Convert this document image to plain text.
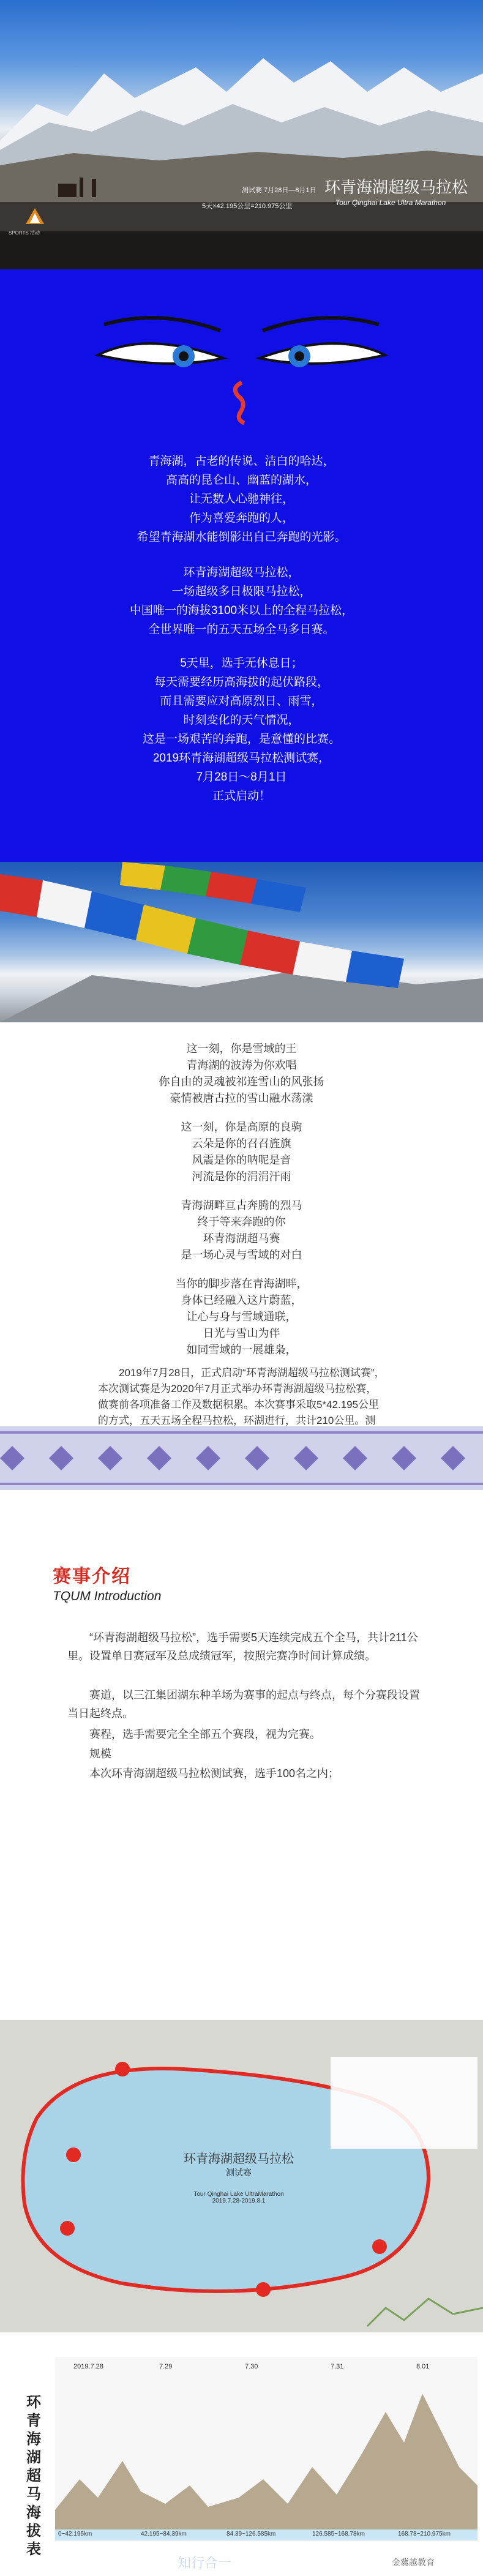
SPORTS 活动
测试赛 7月28日—8月1日
5天×42.195公里=210.975公里
环青海湖超级马拉松
Tour Qinghai Lake Ultra Marathon
青海湖，古老的传说、洁白的哈达，
高高的昆仑山、幽蓝的湖水，
让无数人心驰神往，
作为喜爱奔跑的人，
希望青海湖水能倒影出自己奔跑的光影。
环青海湖超级马拉松，
一场超级多日极限马拉松，
中国唯一的海拔3100米以上的全程马拉松，
全世界唯一的五天五场全马多日赛。
5天里，选手无休息日；
每天需要经历高海拔的起伏路段，
而且需要应对高原烈日、雨雪，
时刻变化的天气情况，
这是一场艰苦的奔跑，是意懂的比赛。
2019环青海湖超级马拉松测试赛，
7月28日～8月1日
正式启动！
这一刻，你是雪域的王
青海湖的波涛为你欢唱
你自由的灵魂被祁连雪山的风张扬
豪情被唐古拉的雪山融水荡漾
这一刻，你是高原的良驹
云朵是你的召召旌旗
风震是你的呐呢是音
河流是你的涓涓汗雨
青海湖畔亘古奔腾的烈马
终于等来奔跑的你
环青海湖超马赛
是一场心灵与雪域的对白
当你的脚步落在青海湖畔，
身体已经融入这片蔚蓝，
让心与身与雪域通联，
日光与雪山为伴
如同雪域的一展雄枭，
2019年7月28日，正式启动“环青海湖超级马拉松测试赛”，本次测试赛是为2020年7月正式举办环青海湖超级马拉松赛，做赛前各项准备工作及数据积累。本次赛事采取5*42.195公里的方式，五天五场全程马拉松，环湖进行，共计210公里。测
赛事介绍
TQUM Introduction
“环青海湖超级马拉松”，选手需要5天连续完成五个全马，共计211公里。设置单日赛冠军及总成绩冠军，按照完赛净时间计算成绩。
赛道，以三江集团湖东种羊场为赛事的起点与终点，每个分赛段设置当日起终点。
赛程，选手需要完全全部五个赛段，视为完赛。
规模
本次环青海湖超级马拉松测试赛，选手100名之内；
环青海湖超级马拉松
测试赛
Tour Qinghai Lake UltraMarathon
2019.7.28-2019.8.1
环青海湖超马海拔表
2019.7.28	7.29	7.30	7.31	8.01
0~42.195km	42.195~84.39km	84.39~126.585km	126.585~168.78km	168.78~210.975km
知行合一	金冀越教育
